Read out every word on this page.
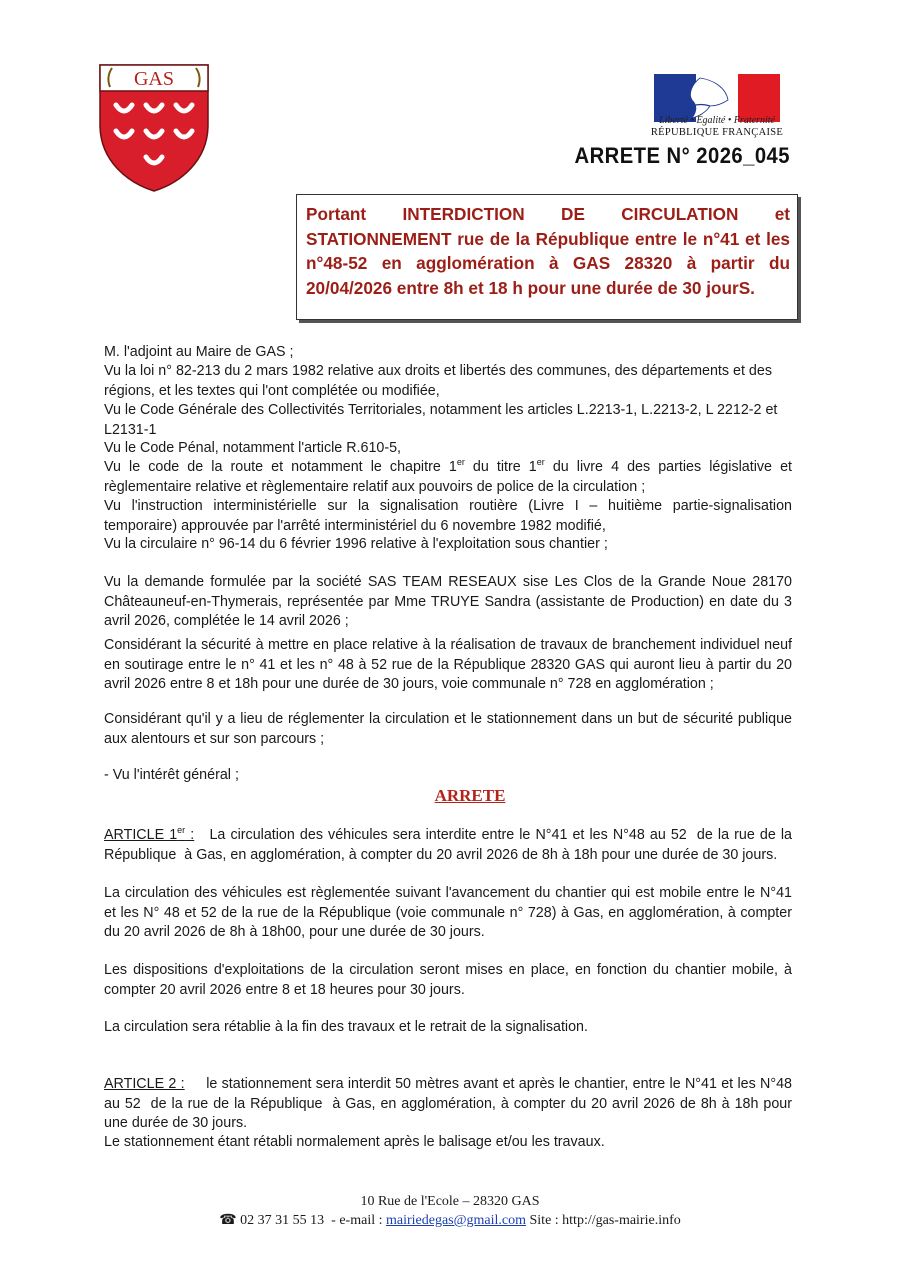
GAS
Liberté • Égalité • Fraternité
RÉPUBLIQUE FRANÇAISE
ARRETE N° 2026_045
Portant INTERDICTION DE CIRCULATION et STATIONNEMENT rue de la République entre le n°41 et les n°48-52 en agglomération à GAS 28320 à partir du 20/04/2026 entre 8h et 18 h pour une durée de 30 jourS.
M. l'adjoint au Maire de GAS ;
Vu la loi n° 82-213 du 2 mars 1982 relative aux droits et libertés des communes, des départements et des régions, et les textes qui l'ont complétée ou modifiée,
Vu le Code Générale des Collectivités Territoriales, notamment les articles L.2213-1, L.2213-2, L 2212-2 et L2131-1
Vu le Code Pénal, notamment l'article R.610-5,
Vu le code de la route et notamment le chapitre 1er du titre 1er du livre 4 des parties législative et règlementaire relative et règlementaire relatif aux pouvoirs de police de la circulation ;
Vu l'instruction interministérielle sur la signalisation routière (Livre I – huitième partie-signalisation temporaire) approuvée par l'arrêté interministériel du 6 novembre 1982 modifié,
Vu la circulaire n° 96-14 du 6 février 1996 relative à l'exploitation sous chantier ;
Vu la demande formulée par la société SAS TEAM RESEAUX sise Les Clos de la Grande Noue 28170 Châteauneuf-en-Thymerais, représentée par Mme TRUYE Sandra (assistante de Production) en date du 3 avril 2026, complétée le 14 avril 2026 ;
Considérant la sécurité à mettre en place relative à la réalisation de travaux de branchement individuel neuf en soutirage entre le n° 41 et les n° 48 à 52 rue de la République 28320 GAS qui auront lieu à partir du 20 avril 2026 entre 8 et 18h pour une durée de 30 jours, voie communale n° 728 en agglomération ;
Considérant qu'il y a lieu de réglementer la circulation et le stationnement dans un but de sécurité publique aux alentours et sur son parcours ;
- Vu l'intérêt général ;
ARRETE
ARTICLE 1er :   La circulation des véhicules sera interdite entre le N°41 et les N°48 au 52  de la rue de la République  à Gas, en agglomération, à compter du 20 avril 2026 de 8h à 18h pour une durée de 30 jours.
La circulation des véhicules est règlementée suivant l'avancement du chantier qui est mobile entre le N°41 et les N° 48 et 52 de la rue de la République (voie communale n° 728) à Gas, en agglomération, à compter du 20 avril 2026 de 8h à 18h00, pour une durée de 30 jours.
Les dispositions d'exploitations de la circulation seront mises en place, en fonction du chantier mobile, à compter 20 avril 2026 entre 8 et 18 heures pour 30 jours.
La circulation sera rétablie à la fin des travaux et le retrait de la signalisation.
ARTICLE 2 :     le stationnement sera interdit 50 mètres avant et après le chantier, entre le N°41 et les N°48 au 52  de la rue de la République  à Gas, en agglomération, à compter du 20 avril 2026 de 8h à 18h pour une durée de 30 jours.
Le stationnement étant rétabli normalement après le balisage et/ou les travaux.
10 Rue de l'Ecole – 28320 GAS
☎ 02 37 31 55 13  - e-mail : mairiedegas@gmail.com Site : http://gas-mairie.info
